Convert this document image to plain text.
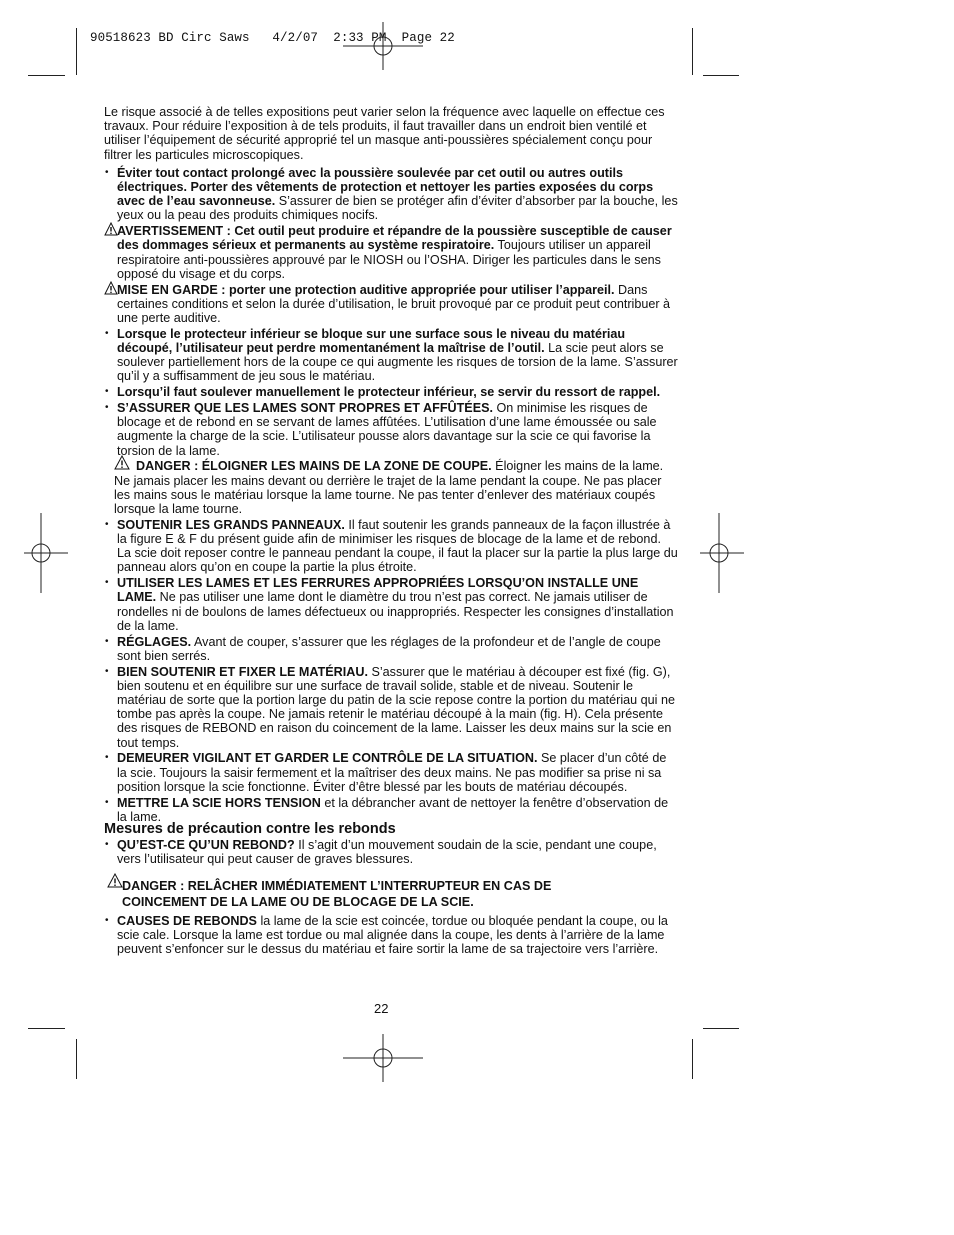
90518623 BD Circ Saws   4/2/07  2:33 PM  Page 22

Le risque associé à de telles expositions peut varier selon la fréquence avec laquelle on effectue ces travaux. Pour réduire l’exposition à de tels produits, il faut travailler dans un endroit bien ventilé et utiliser l’équipement de sécurité approprié tel un masque anti-poussières spécialement conçu pour filtrer les particules microscopiques.

• Éviter tout contact prolongé avec la poussière soulevée par cet outil ou autres outils électriques. Porter des vêtements de protection et nettoyer les parties exposées du corps avec de l’eau savonneuse. S’assurer de bien se protéger afin d’éviter d’absorber par la bouche, les yeux ou la peau des produits chimiques nocifs.
AVERTISSEMENT : Cet outil peut produire et répandre de la poussière susceptible de causer des dommages sérieux et permanents au système respiratoire. Toujours utiliser un appareil respiratoire anti-poussières approuvé par le NIOSH ou l’OSHA. Diriger les particules dans le sens opposé du visage et du corps.
MISE EN GARDE : porter une protection auditive appropriée pour utiliser l’appareil. Dans certaines conditions et selon la durée d’utilisation, le bruit provoqué par ce produit peut contribuer à une perte auditive.
• Lorsque le protecteur inférieur se bloque sur une surface sous le niveau du matériau découpé, l’utilisateur peut perdre momentanément la maîtrise de l’outil. La scie peut alors se soulever partiellement hors de la coupe ce qui augmente les risques de torsion de la lame. S’assurer qu’il y a suffisamment de jeu sous le matériau.
• Lorsqu’il faut soulever manuellement le protecteur inférieur, se servir du ressort de rappel.
• S’ASSURER QUE LES LAMES SONT PROPRES ET AFFÛTÉES. On minimise les risques de blocage et de rebond en se servant de lames affûtées. L’utilisation d’une lame émoussée ou sale augmente la charge de la scie. L’utilisateur pousse alors davantage sur la scie ce qui favorise la torsion de la lame.
DANGER : ÉLOIGNER LES MAINS DE LA ZONE DE COUPE. Éloigner les mains de la lame. Ne jamais placer les mains devant ou derrière le trajet de la lame pendant la coupe. Ne pas placer les mains sous le matériau lorsque la lame tourne. Ne pas tenter d’enlever des matériaux coupés lorsque la lame tourne.
• SOUTENIR LES GRANDS PANNEAUX. Il faut soutenir les grands panneaux de la façon illustrée à la figure E & F du présent guide afin de minimiser les risques de blocage de la lame et de rebond. La scie doit reposer contre le panneau pendant la coupe, il faut la placer sur la partie la plus large du panneau alors qu’on en coupe la partie la plus étroite.
• UTILISER LES LAMES ET LES FERRURES APPROPRIÉES LORSQU’ON INSTALLE UNE LAME. Ne pas utiliser une lame dont le diamètre du trou n’est pas correct. Ne jamais utiliser de rondelles ni de boulons de lames défectueux ou inappropriés. Respecter les consignes d’installation de la lame.
• RÉGLAGES. Avant de couper, s’assurer que les réglages de la profondeur et de l’angle de coupe sont bien serrés.
• BIEN SOUTENIR ET FIXER LE MATÉRIAU. S’assurer que le matériau à découper est fixé (fig. G), bien soutenu et en équilibre sur une surface de travail solide, stable et de niveau. Soutenir le matériau de sorte que la portion large du patin de la scie repose contre la portion du matériau qui ne tombe pas après la coupe. Ne jamais retenir le matériau découpé à la main (fig. H). Cela présente des risques de REBOND en raison du coincement de la lame. Laisser les deux mains sur la scie en tout temps.
• DEMEURER VIGILANT ET GARDER LE CONTRÔLE DE LA SITUATION. Se placer d’un côté de la scie. Toujours la saisir fermement et la maîtriser des deux mains. Ne pas modifier sa prise ni sa position lorsque la scie fonctionne. Éviter d’être blessé par les bouts de matériau découpés.
• METTRE LA SCIE HORS TENSION et la débrancher avant de nettoyer la fenêtre d’observation de la lame.
Mesures de précaution contre les rebonds
• QU’EST-CE QU’UN REBOND? Il s’agit d’un mouvement soudain de la scie, pendant une coupe, vers l’utilisateur qui peut causer de graves blessures.
DANGER : RELÂCHER IMMÉDIATEMENT L’INTERRUPTEUR EN CAS DE
COINCEMENT DE LA LAME OU DE BLOCAGE DE LA SCIE.
• CAUSES DE REBONDS la lame de la scie est coincée, tordue ou bloquée pendant la coupe, ou la scie cale. Lorsque la lame est tordue ou mal alignée dans la coupe, les dents à l’arrière de la lame peuvent s’enfoncer sur le dessus du matériau et faire sortir la lame de sa trajectoire vers l’arrière.
22
